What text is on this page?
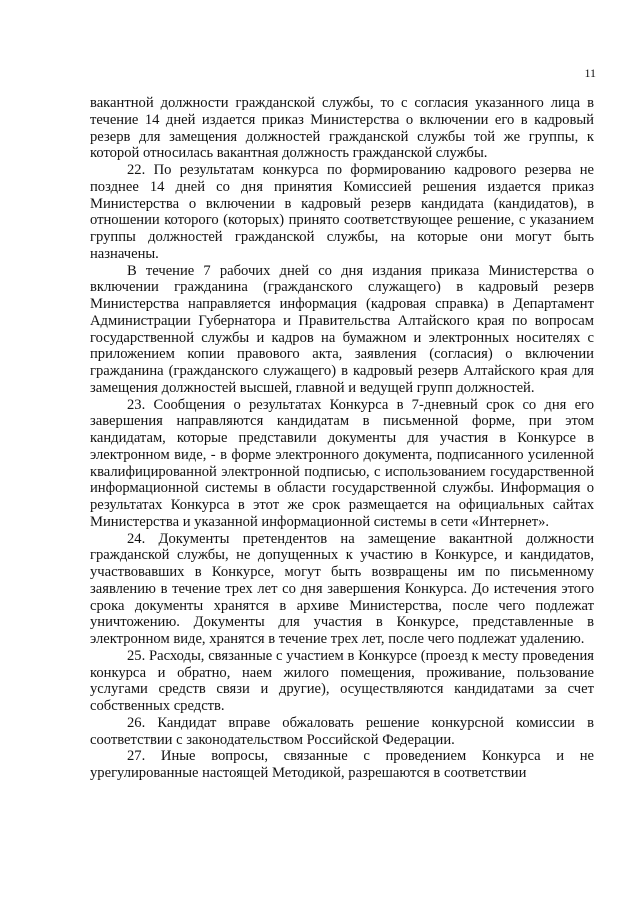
11

вакантной должности гражданской службы, то с согласия указанного лица в течение 14 дней издается приказ Министерства о включении его в кадровый резерв для замещения должностей гражданской службы той же группы, к которой относилась вакантная должность гражданской службы.

22. По результатам конкурса по формированию кадрового резерва не позднее 14 дней со дня принятия Комиссией решения издается приказ Министерства о включении в кадровый резерв кандидата (кандидатов), в отношении которого (которых) принято соответствующее решение, с указанием группы должностей гражданской службы, на которые они могут быть назначены.

В течение 7 рабочих дней со дня издания приказа Министерства о включении гражданина (гражданского служащего) в кадровый резерв Министерства направляется информация (кадровая справка) в Департамент Администрации Губернатора и Правительства Алтайского края по вопросам государственной службы и кадров на бумажном и электронных носителях с приложением копии правового акта, заявления (согласия) о включении гражданина (гражданского служащего) в кадровый резерв Алтайского края для замещения должностей высшей, главной и ведущей групп должностей.

23. Сообщения о результатах Конкурса в 7-дневный срок со дня его завершения направляются кандидатам в письменной форме, при этом кандидатам, которые представили документы для участия в Конкурсе в электронном виде, - в форме электронного документа, подписанного усиленной квалифицированной электронной подписью, с использованием государственной информационной системы в области государственной службы. Информация о результатах Конкурса в этот же срок размещается на официальных сайтах Министерства и указанной информационной системы в сети «Интернет».

24. Документы претендентов на замещение вакантной должности гражданской службы, не допущенных к участию в Конкурсе, и кандидатов, участвовавших в Конкурсе, могут быть возвращены им по письменному заявлению в течение трех лет со дня завершения Конкурса. До истечения этого срока документы хранятся в архиве Министерства, после чего подлежат уничтожению. Документы для участия в Конкурсе, представленные в электронном виде, хранятся в течение трех лет, после чего подлежат удалению.

25. Расходы, связанные с участием в Конкурсе (проезд к месту проведения конкурса и обратно, наем жилого помещения, проживание, пользование услугами средств связи и другие), осуществляются кандидатами за счет собственных средств.

26. Кандидат вправе обжаловать решение конкурсной комиссии в соответствии с законодательством Российской Федерации.

27. Иные вопросы, связанные с проведением Конкурса и не урегулированные настоящей Методикой, разрешаются в соответствии
